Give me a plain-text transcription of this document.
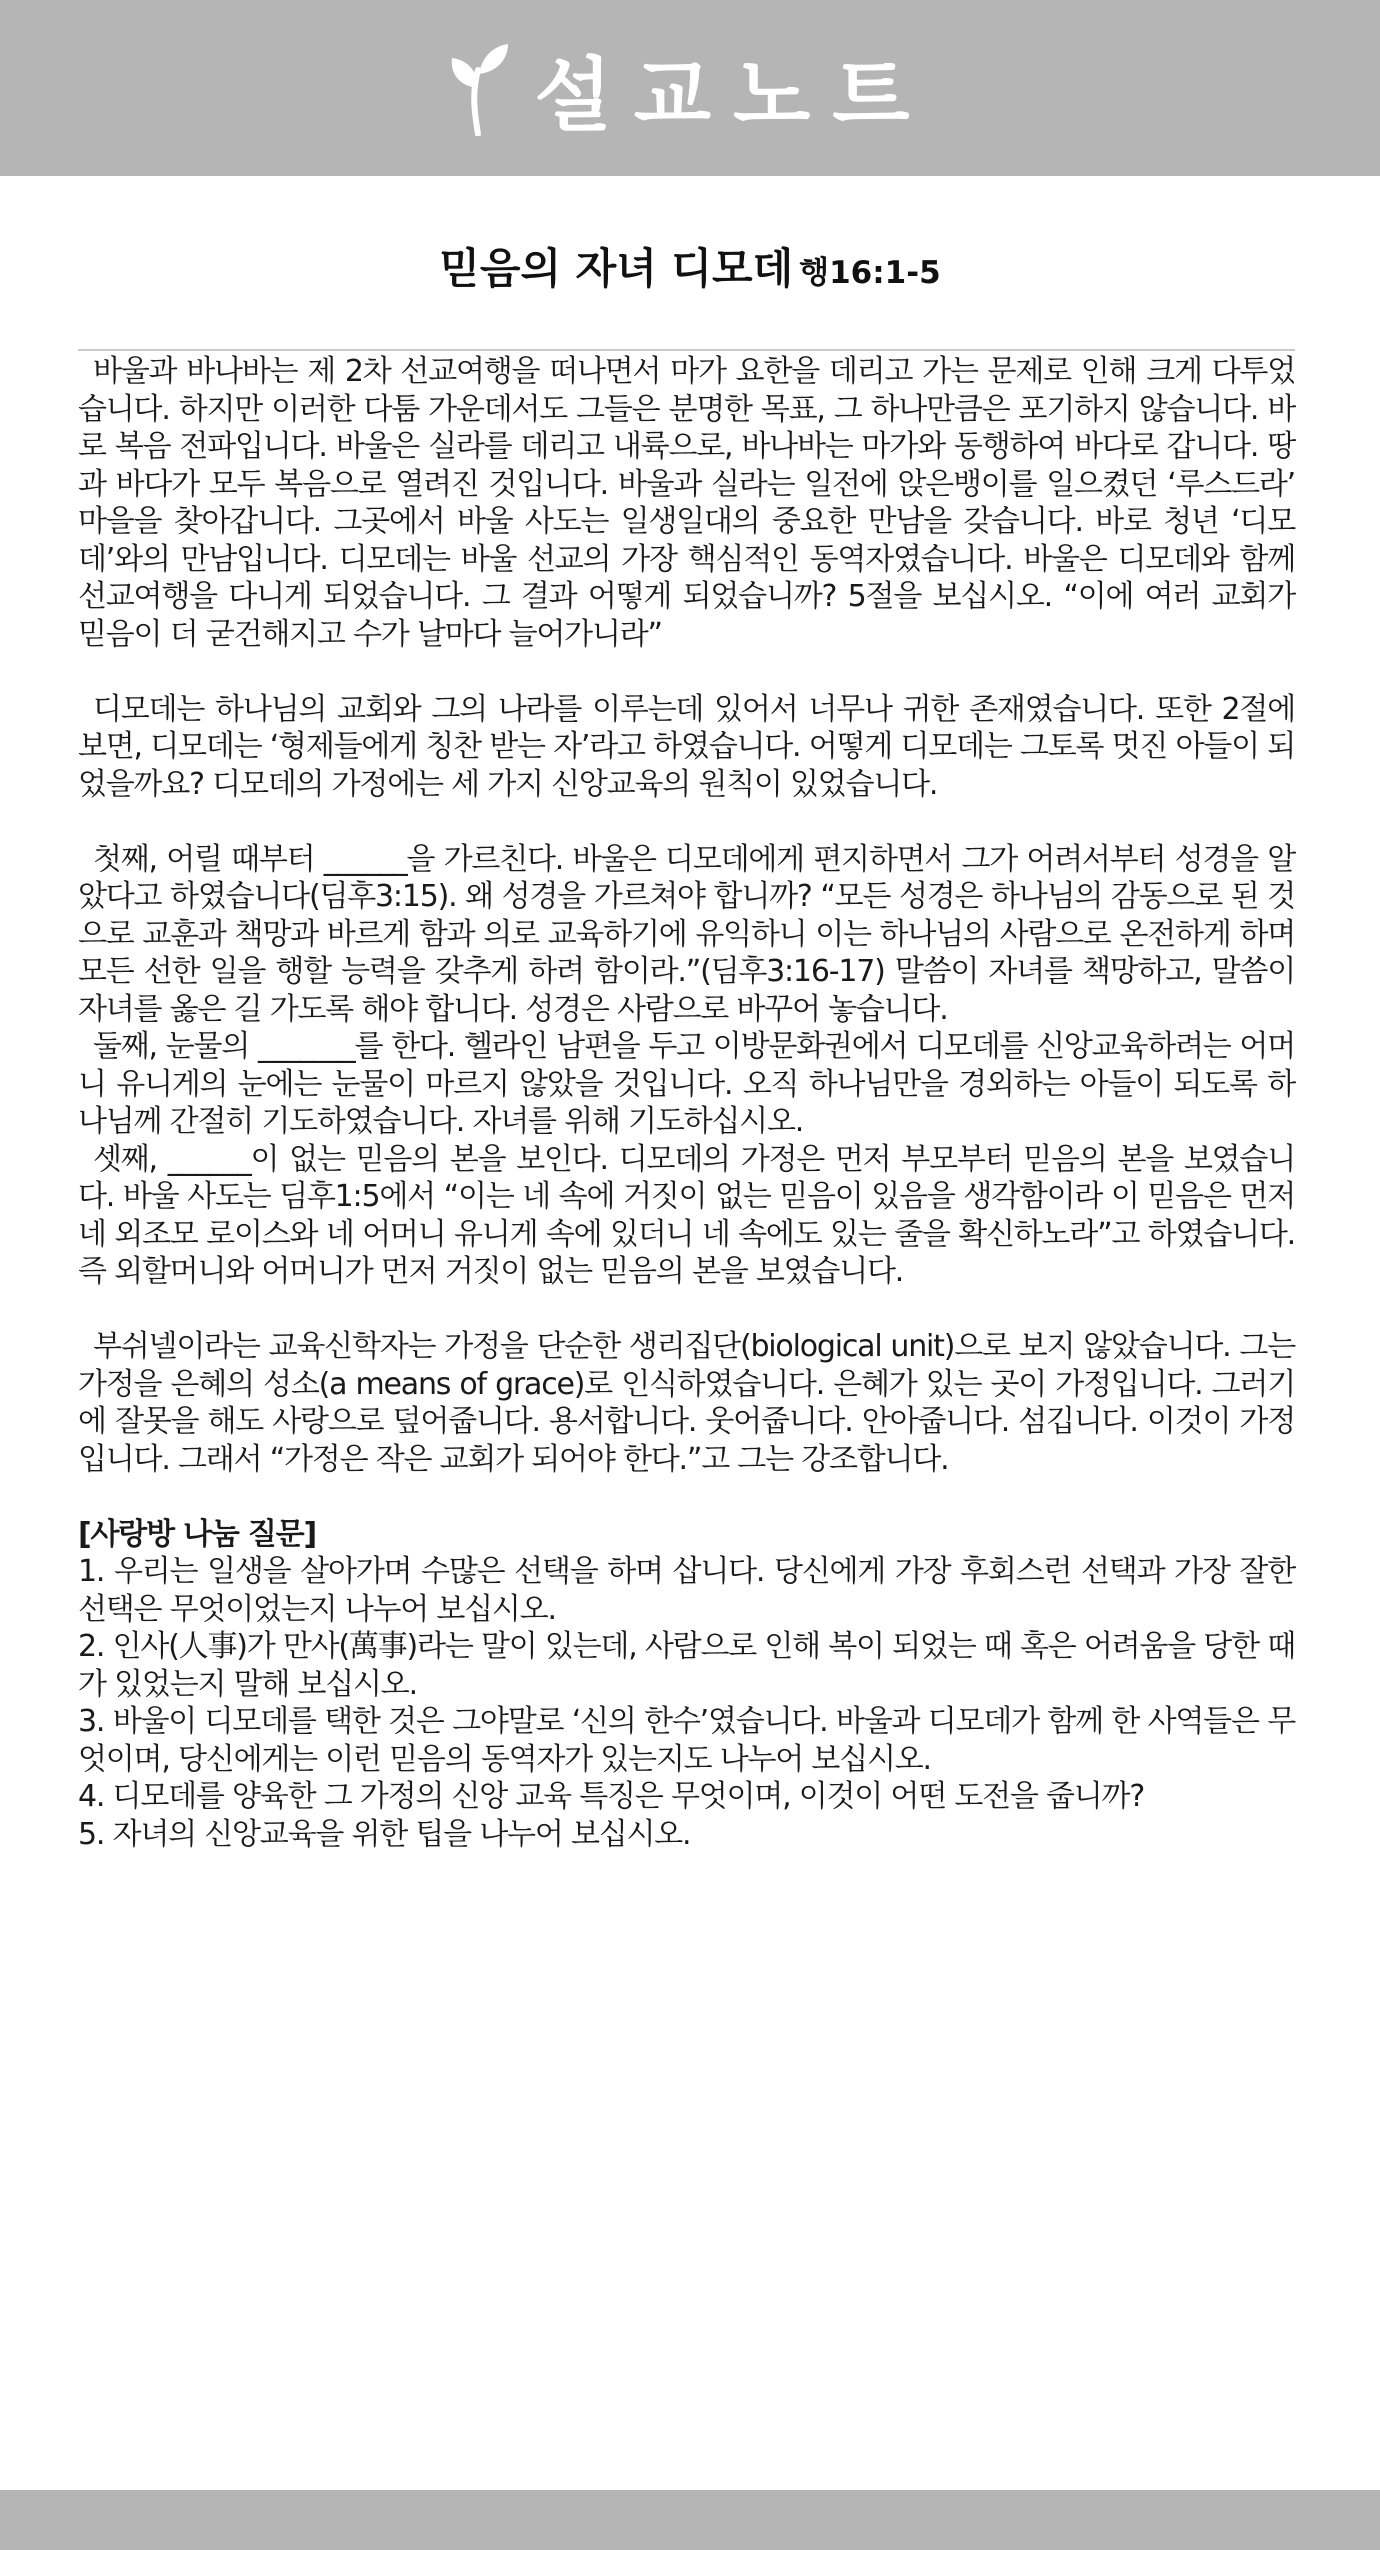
설교노트
믿음의 자녀 디모데 행16:1-5

바울과 바나바는 제 2차 선교여행을 떠나면서 마가 요한을 데리고 가는 문제로 인해 크게 다투었습니다. 하지만 이러한 다툼 가운데서도 그들은 분명한 목표, 그 하나만큼은 포기하지 않습니다. 바로 복음 전파입니다. 바울은 실라를 데리고 내륙으로, 바나바는 마가와 동행하여 바다로 갑니다. 땅과 바다가 모두 복음으로 열려진 것입니다. 바울과 실라는 일전에 앉은뱅이를 일으켰던 ‘루스드라’ 마을을 찾아갑니다. 그곳에서 바울 사도는 일생일대의 중요한 만남을 갖습니다. 바로 청년 ‘디모데’와의 만남입니다. 디모데는 바울 선교의 가장 핵심적인 동역자였습니다. 바울은 디모데와 함께 선교여행을 다니게 되었습니다. 그 결과 어떻게 되었습니까? 5절을 보십시오. “이에 여러 교회가 믿음이 더 굳건해지고 수가 날마다 늘어가니라”

디모데는 하나님의 교회와 그의 나라를 이루는데 있어서 너무나 귀한 존재였습니다. 또한 2절에 보면, 디모데는 ‘형제들에게 칭찬 받는 자’라고 하였습니다. 어떻게 디모데는 그토록 멋진 아들이 되었을까요? 디모데의 가정에는 세 가지 신앙교육의 원칙이 있었습니다.

첫째, 어릴 때부터 ______을 가르친다. 바울은 디모데에게 편지하면서 그가 어려서부터 성경을 알았다고 하였습니다(딤후3:15). 왜 성경을 가르쳐야 합니까? “모든 성경은 하나님의 감동으로 된 것으로 교훈과 책망과 바르게 함과 의로 교육하기에 유익하니 이는 하나님의 사람으로 온전하게 하며 모든 선한 일을 행할 능력을 갖추게 하려 함이라.”(딤후3:16-17) 말씀이 자녀를 책망하고, 말씀이 자녀를 옳은 길 가도록 해야 합니다. 성경은 사람으로 바꾸어 놓습니다.

둘째, 눈물의 _______를 한다. 헬라인 남편을 두고 이방문화권에서 디모데를 신앙교육하려는 어머니 유니게의 눈에는 눈물이 마르지 않았을 것입니다. 오직 하나님만을 경외하는 아들이 되도록 하나님께 간절히 기도하였습니다. 자녀를 위해 기도하십시오.

셋째, ______이 없는 믿음의 본을 보인다. 디모데의 가정은 먼저 부모부터 믿음의 본을 보였습니다. 바울 사도는 딤후1:5에서 “이는 네 속에 거짓이 없는 믿음이 있음을 생각함이라 이 믿음은 먼저 네 외조모 로이스와 네 어머니 유니게 속에 있더니 네 속에도 있는 줄을 확신하노라”고 하였습니다. 즉 외할머니와 어머니가 먼저 거짓이 없는 믿음의 본을 보였습니다.

부쉬넬이라는 교육신학자는 가정을 단순한 생리집단(biological unit)으로 보지 않았습니다. 그는 가정을 은혜의 성소(a means of grace)로 인식하였습니다. 은혜가 있는 곳이 가정입니다. 그러기에 잘못을 해도 사랑으로 덮어줍니다. 용서합니다. 웃어줍니다. 안아줍니다. 섬깁니다. 이것이 가정입니다. 그래서 “가정은 작은 교회가 되어야 한다.”고 그는 강조합니다.

[사랑방 나눔 질문]

1. 우리는 일생을 살아가며 수많은 선택을 하며 삽니다. 당신에게 가장 후회스런 선택과 가장 잘한 선택은 무엇이었는지 나누어 보십시오.

2. 인사(人事)가 만사(萬事)라는 말이 있는데, 사람으로 인해 복이 되었는 때 혹은 어려움을 당한 때가 있었는지 말해 보십시오.

3. 바울이 디모데를 택한 것은 그야말로 ‘신의 한수’였습니다. 바울과 디모데가 함께 한 사역들은 무엇이며, 당신에게는 이런 믿음의 동역자가 있는지도 나누어 보십시오.

4. 디모데를 양육한 그 가정의 신앙 교육 특징은 무엇이며, 이것이 어떤 도전을 줍니까?

5. 자녀의 신앙교육을 위한 팁을 나누어 보십시오.
